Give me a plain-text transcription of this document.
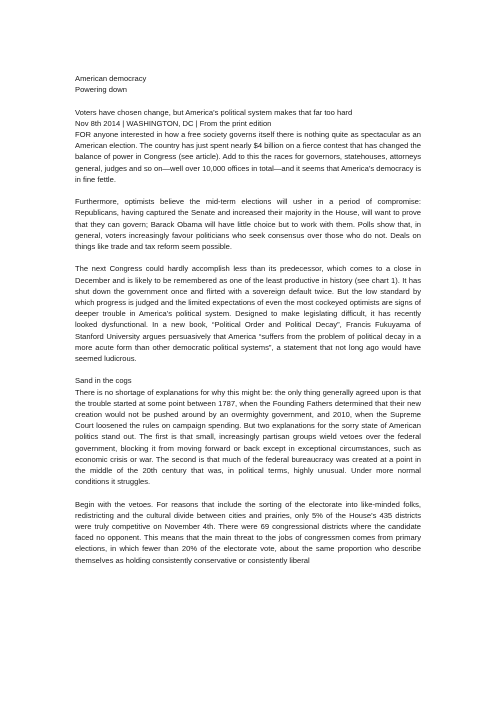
American democracy
Powering down
Voters have chosen change, but America’s political system makes that far too hard
Nov 8th 2014 | WASHINGTON, DC | From the print edition

FOR anyone interested in how a free society governs itself there is nothing quite as spectacular as an American election. The country has just spent nearly $4 billion on a fierce contest that has changed the balance of power in Congress (see article). Add to this the races for governors, statehouses, attorneys general, judges and so on—well over 10,000 offices in total—and it seems that America’s democracy is in fine fettle.

Furthermore, optimists believe the mid-term elections will usher in a period of compromise: Republicans, having captured the Senate and increased their majority in the House, will want to prove that they can govern; Barack Obama will have little choice but to work with them. Polls show that, in general, voters increasingly favour politicians who seek consensus over those who do not. Deals on things like trade and tax reform seem possible.

The next Congress could hardly accomplish less than its predecessor, which comes to a close in December and is likely to be remembered as one of the least productive in history (see chart 1). It has shut down the government once and flirted with a sovereign default twice. But the low standard by which progress is judged and the limited expectations of even the most cockeyed optimists are signs of deeper trouble in America’s political system. Designed to make legislating difficult, it has recently looked dysfunctional. In a new book, “Political Order and Political Decay”, Francis Fukuyama of Stanford University argues persuasively that America “suffers from the problem of political decay in a more acute form than other democratic political systems”, a statement that not long ago would have seemed ludicrous.

Sand in the cogs

There is no shortage of explanations for why this might be: the only thing generally agreed upon is that the trouble started at some point between 1787, when the Founding Fathers determined that their new creation would not be pushed around by an overmighty government, and 2010, when the Supreme Court loosened the rules on campaign spending. But two explanations for the sorry state of American politics stand out. The first is that small, increasingly partisan groups wield vetoes over the federal government, blocking it from moving forward or back except in exceptional circumstances, such as economic crisis or war. The second is that much of the federal bureaucracy was created at a point in the middle of the 20th century that was, in political terms, highly unusual. Under more normal conditions it struggles.

Begin with the vetoes. For reasons that include the sorting of the electorate into like-minded folks, redistricting and the cultural divide between cities and prairies, only 5% of the House’s 435 districts were truly competitive on November 4th. There were 69 congressional districts where the candidate faced no opponent. This means that the main threat to the jobs of congressmen comes from primary elections, in which fewer than 20% of the electorate vote, about the same proportion who describe themselves as holding consistently conservative or consistently liberal
